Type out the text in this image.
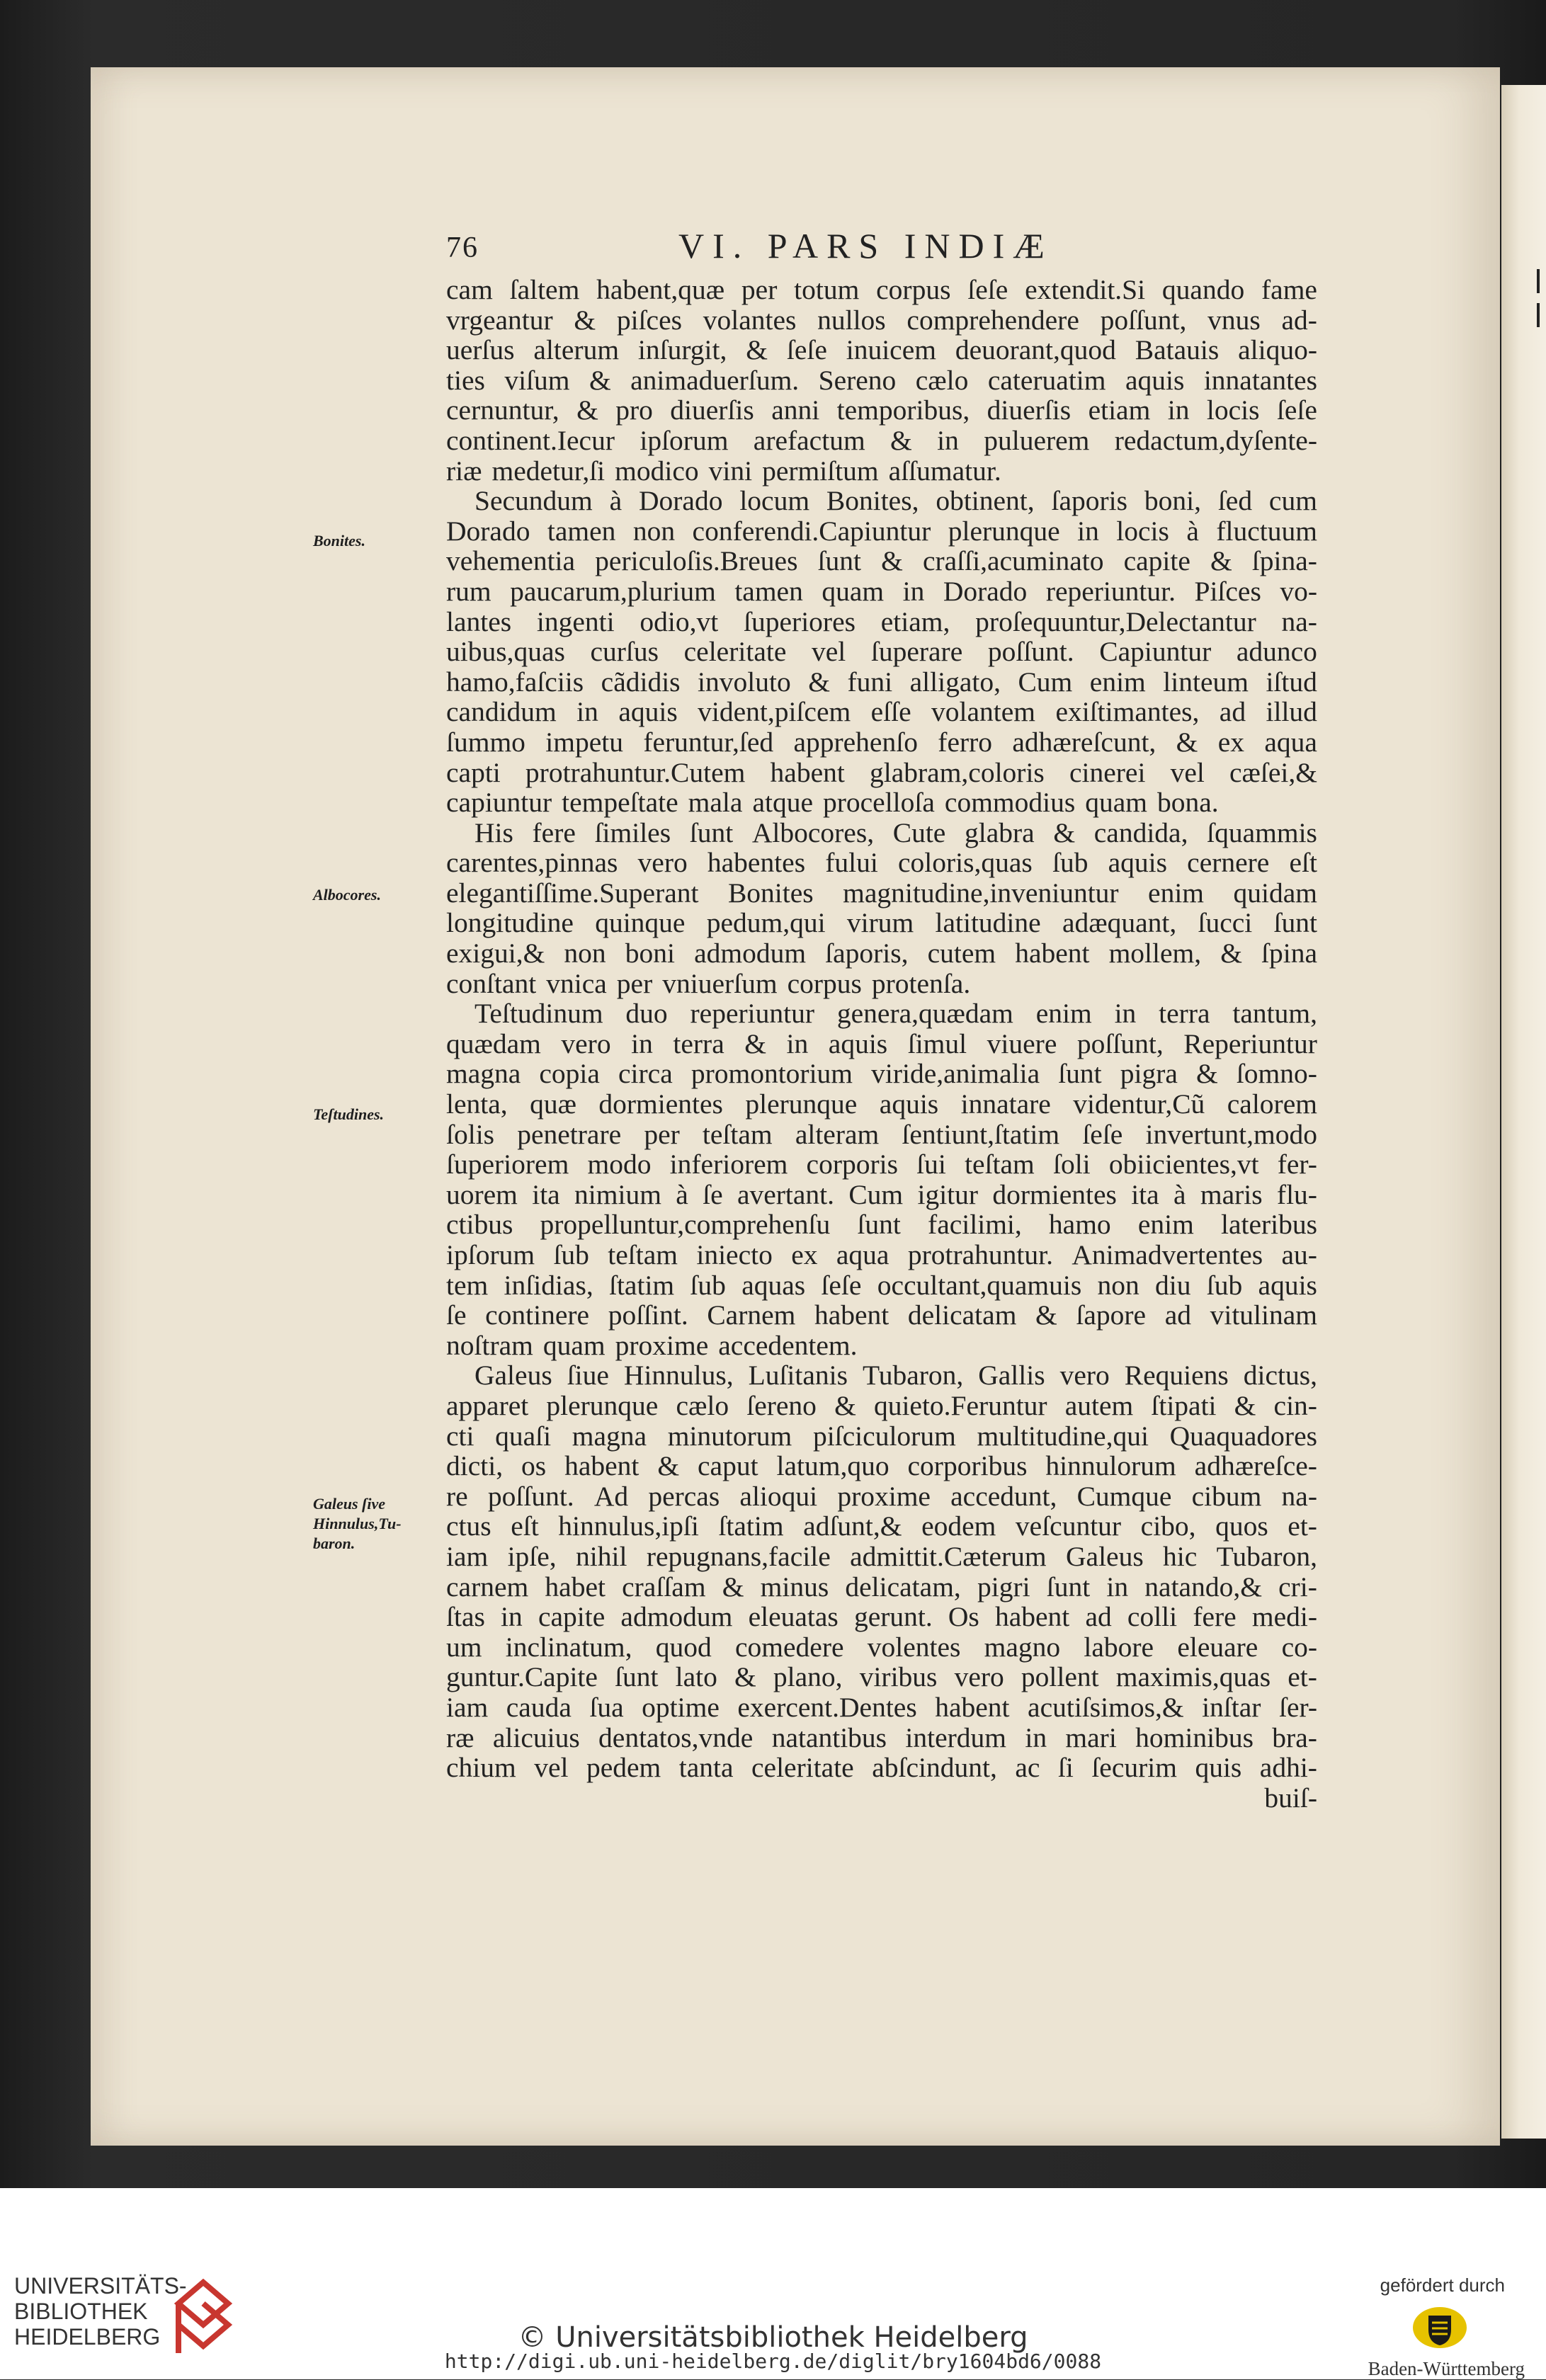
76	VI. PARS INDIÆ
cam ſaltem habent,quæ per totum corpus ſeſe extendit.Si quando fame
vrgeantur & piſces volantes nullos comprehendere poſſunt, vnus ad-
uerſus alterum inſurgit, & ſeſe inuicem deuorant,quod Batauis aliquo-
ties viſum & animaduerſum. Sereno cælo cateruatim aquis innatantes
cernuntur, & pro diuerſis anni temporibus, diuerſis etiam in locis ſeſe
continent.Iecur ipſorum arefactum & in puluerem redactum,dyſente-
riæ medetur,ſi modico vini permiſtum aſſumatur.
Secundum à Dorado locum Bonites, obtinent, ſaporis boni, ſed cum
Dorado tamen non conferendi.Capiuntur plerunque in locis à fluctuum
vehementia periculoſis.Breues ſunt & craſſi,acuminato capite & ſpina-
rum paucarum,plurium tamen quam in Dorado reperiuntur. Piſces vo-
lantes ingenti odio,vt ſuperiores etiam, proſequuntur,Delectantur na-
uibus,quas curſus celeritate vel ſuperare poſſunt. Capiuntur adunco
hamo,faſciis cãdidis involuto & funi alligato, Cum enim linteum iſtud
candidum in aquis vident,piſcem eſſe volantem exiſtimantes, ad illud
ſummo impetu feruntur,ſed apprehenſo ferro adhæreſcunt, & ex aqua
capti protrahuntur.Cutem habent glabram,coloris cinerei vel cæſei,&
capiuntur tempeſtate mala atque procelloſa commodius quam bona.
His fere ſimiles ſunt Albocores, Cute glabra & candida, ſquammis
carentes,pinnas vero habentes fului coloris,quas ſub aquis cernere eſt
elegantiſſime.Superant Bonites magnitudine,inveniuntur enim quidam
longitudine quinque pedum,qui virum latitudine adæquant, ſucci ſunt
exigui,& non boni admodum ſaporis, cutem habent mollem, & ſpina
conſtant vnica per vniuerſum corpus protenſa.
Teſtudinum duo reperiuntur genera,quædam enim in terra tantum,
quædam vero in terra & in aquis ſimul viuere poſſunt, Reperiuntur
magna copia circa promontorium viride,animalia ſunt pigra & ſomno-
lenta, quæ dormientes plerunque aquis innatare videntur,Cũ calorem
ſolis penetrare per teſtam alteram ſentiunt,ſtatim ſeſe invertunt,modo
ſuperiorem modo inferiorem corporis ſui teſtam ſoli obiicientes,vt fer-
uorem ita nimium à ſe avertant. Cum igitur dormientes ita à maris flu-
ctibus propelluntur,comprehenſu ſunt facilimi, hamo enim lateribus
ipſorum ſub teſtam iniecto ex aqua protrahuntur. Animadvertentes au-
tem inſidias, ſtatim ſub aquas ſeſe occultant,quamuis non diu ſub aquis
ſe continere poſſint. Carnem habent delicatam & ſapore ad vitulinam
noſtram quam proxime accedentem.
Galeus ſiue Hinnulus, Luſitanis Tubaron, Gallis vero Requiens dictus,
apparet plerunque cælo ſereno & quieto.Feruntur autem ſtipati & cin-
cti quaſi magna minutorum piſciculorum multitudine,qui Quaquadores
dicti, os habent & caput latum,quo corporibus hinnulorum adhæreſce-
re poſſunt. Ad percas alioqui proxime accedunt, Cumque cibum na-
ctus eſt hinnulus,ipſi ſtatim adſunt,& eodem veſcuntur cibo, quos et-
iam ipſe, nihil repugnans,facile admittit.Cæterum Galeus hic Tubaron,
carnem habet craſſam & minus delicatam, pigri ſunt in natando,& cri-
ſtas in capite admodum eleuatas gerunt. Os habent ad colli fere medi-
um inclinatum, quod comedere volentes magno labore eleuare co-
guntur.Capite ſunt lato & plano, viribus vero pollent maximis,quas et-
iam cauda ſua optime exercent.Dentes habent acutiſsimos,& inſtar ſer-
ræ alicuius dentatos,vnde natantibus interdum in mari hominibus bra-
chium vel pedem tanta celeritate abſcindunt, ac ſi ſecurim quis adhi-
buiſ-
Bonites.
Albocores.
Teſtudines.
Galeus ſive Hinnulus,Tu-baron.
UNIVERSITÄTS-
BIBLIOTHEK
HEIDELBERG	© Universitätsbibliothek Heidelberg
http://digi.ub.uni-heidelberg.de/diglit/bry1604bd6/0088
gefördert durch
Baden-Württemberg
